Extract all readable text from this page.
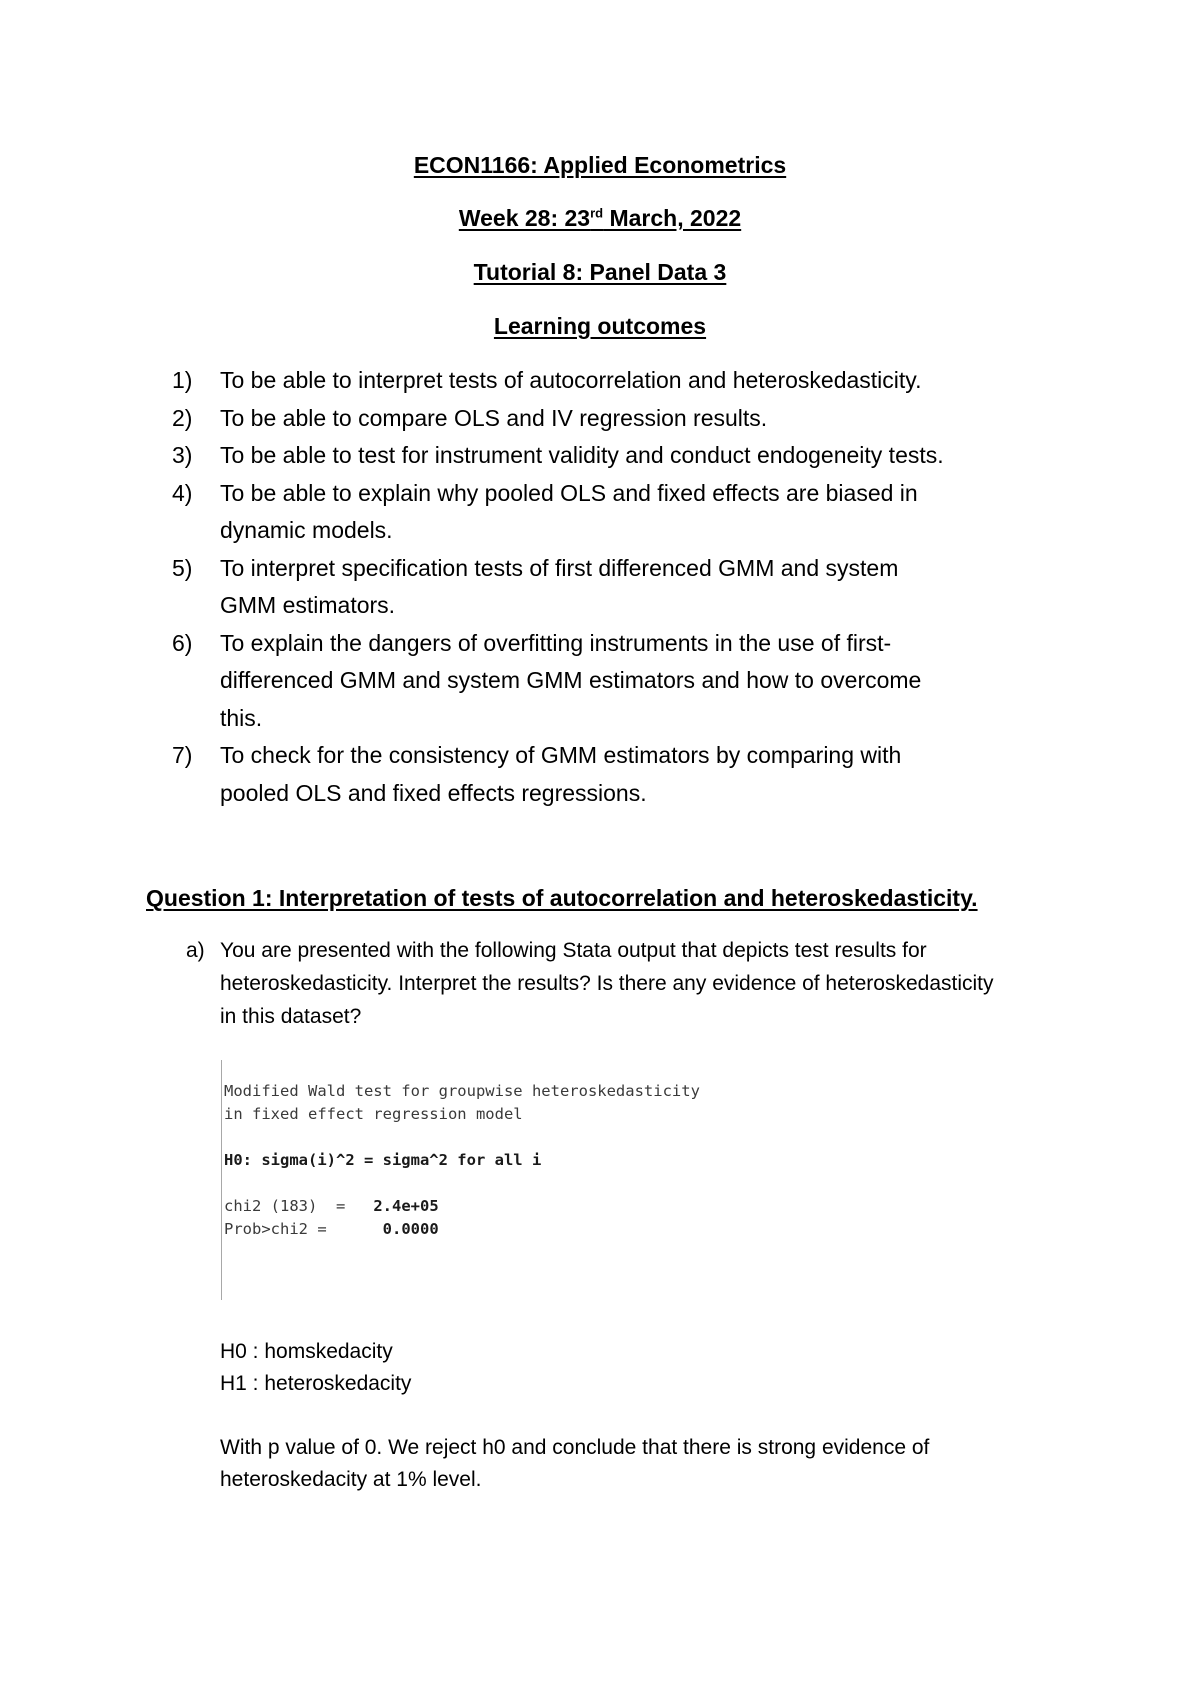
ECON1166: Applied Econometrics
Week 28: 23rd March, 2022
Tutorial 8: Panel Data 3
Learning outcomes
1) To be able to interpret tests of autocorrelation and heteroskedasticity.
2) To be able to compare OLS and IV regression results.
3) To be able to test for instrument validity and conduct endogeneity tests.
4) To be able to explain why pooled OLS and fixed effects are biased in
dynamic models.
5) To interpret specification tests of first differenced GMM and system
GMM estimators.
6) To explain the dangers of overfitting instruments in the use of first-
differenced GMM and system GMM estimators and how to overcome
this.
7) To check for the consistency of GMM estimators by comparing with
pooled OLS and fixed effects regressions.
Question 1: Interpretation of tests of autocorrelation and heteroskedasticity.
a) You are presented with the following Stata output that depicts test results for
heteroskedasticity. Interpret the results? Is there any evidence of heteroskedasticity
in this dataset?
Modified Wald test for groupwise heteroskedasticity
in fixed effect regression model

H0: sigma(i)^2 = sigma^2 for all i

chi2 (183)  = 2.4e+05
Prob>chi2 =	0.0000
H0 : homskedacity
H1 : heteroskedacity
With p value of 0. We reject h0 and conclude that there is strong evidence of
heteroskedacity at 1% level.
